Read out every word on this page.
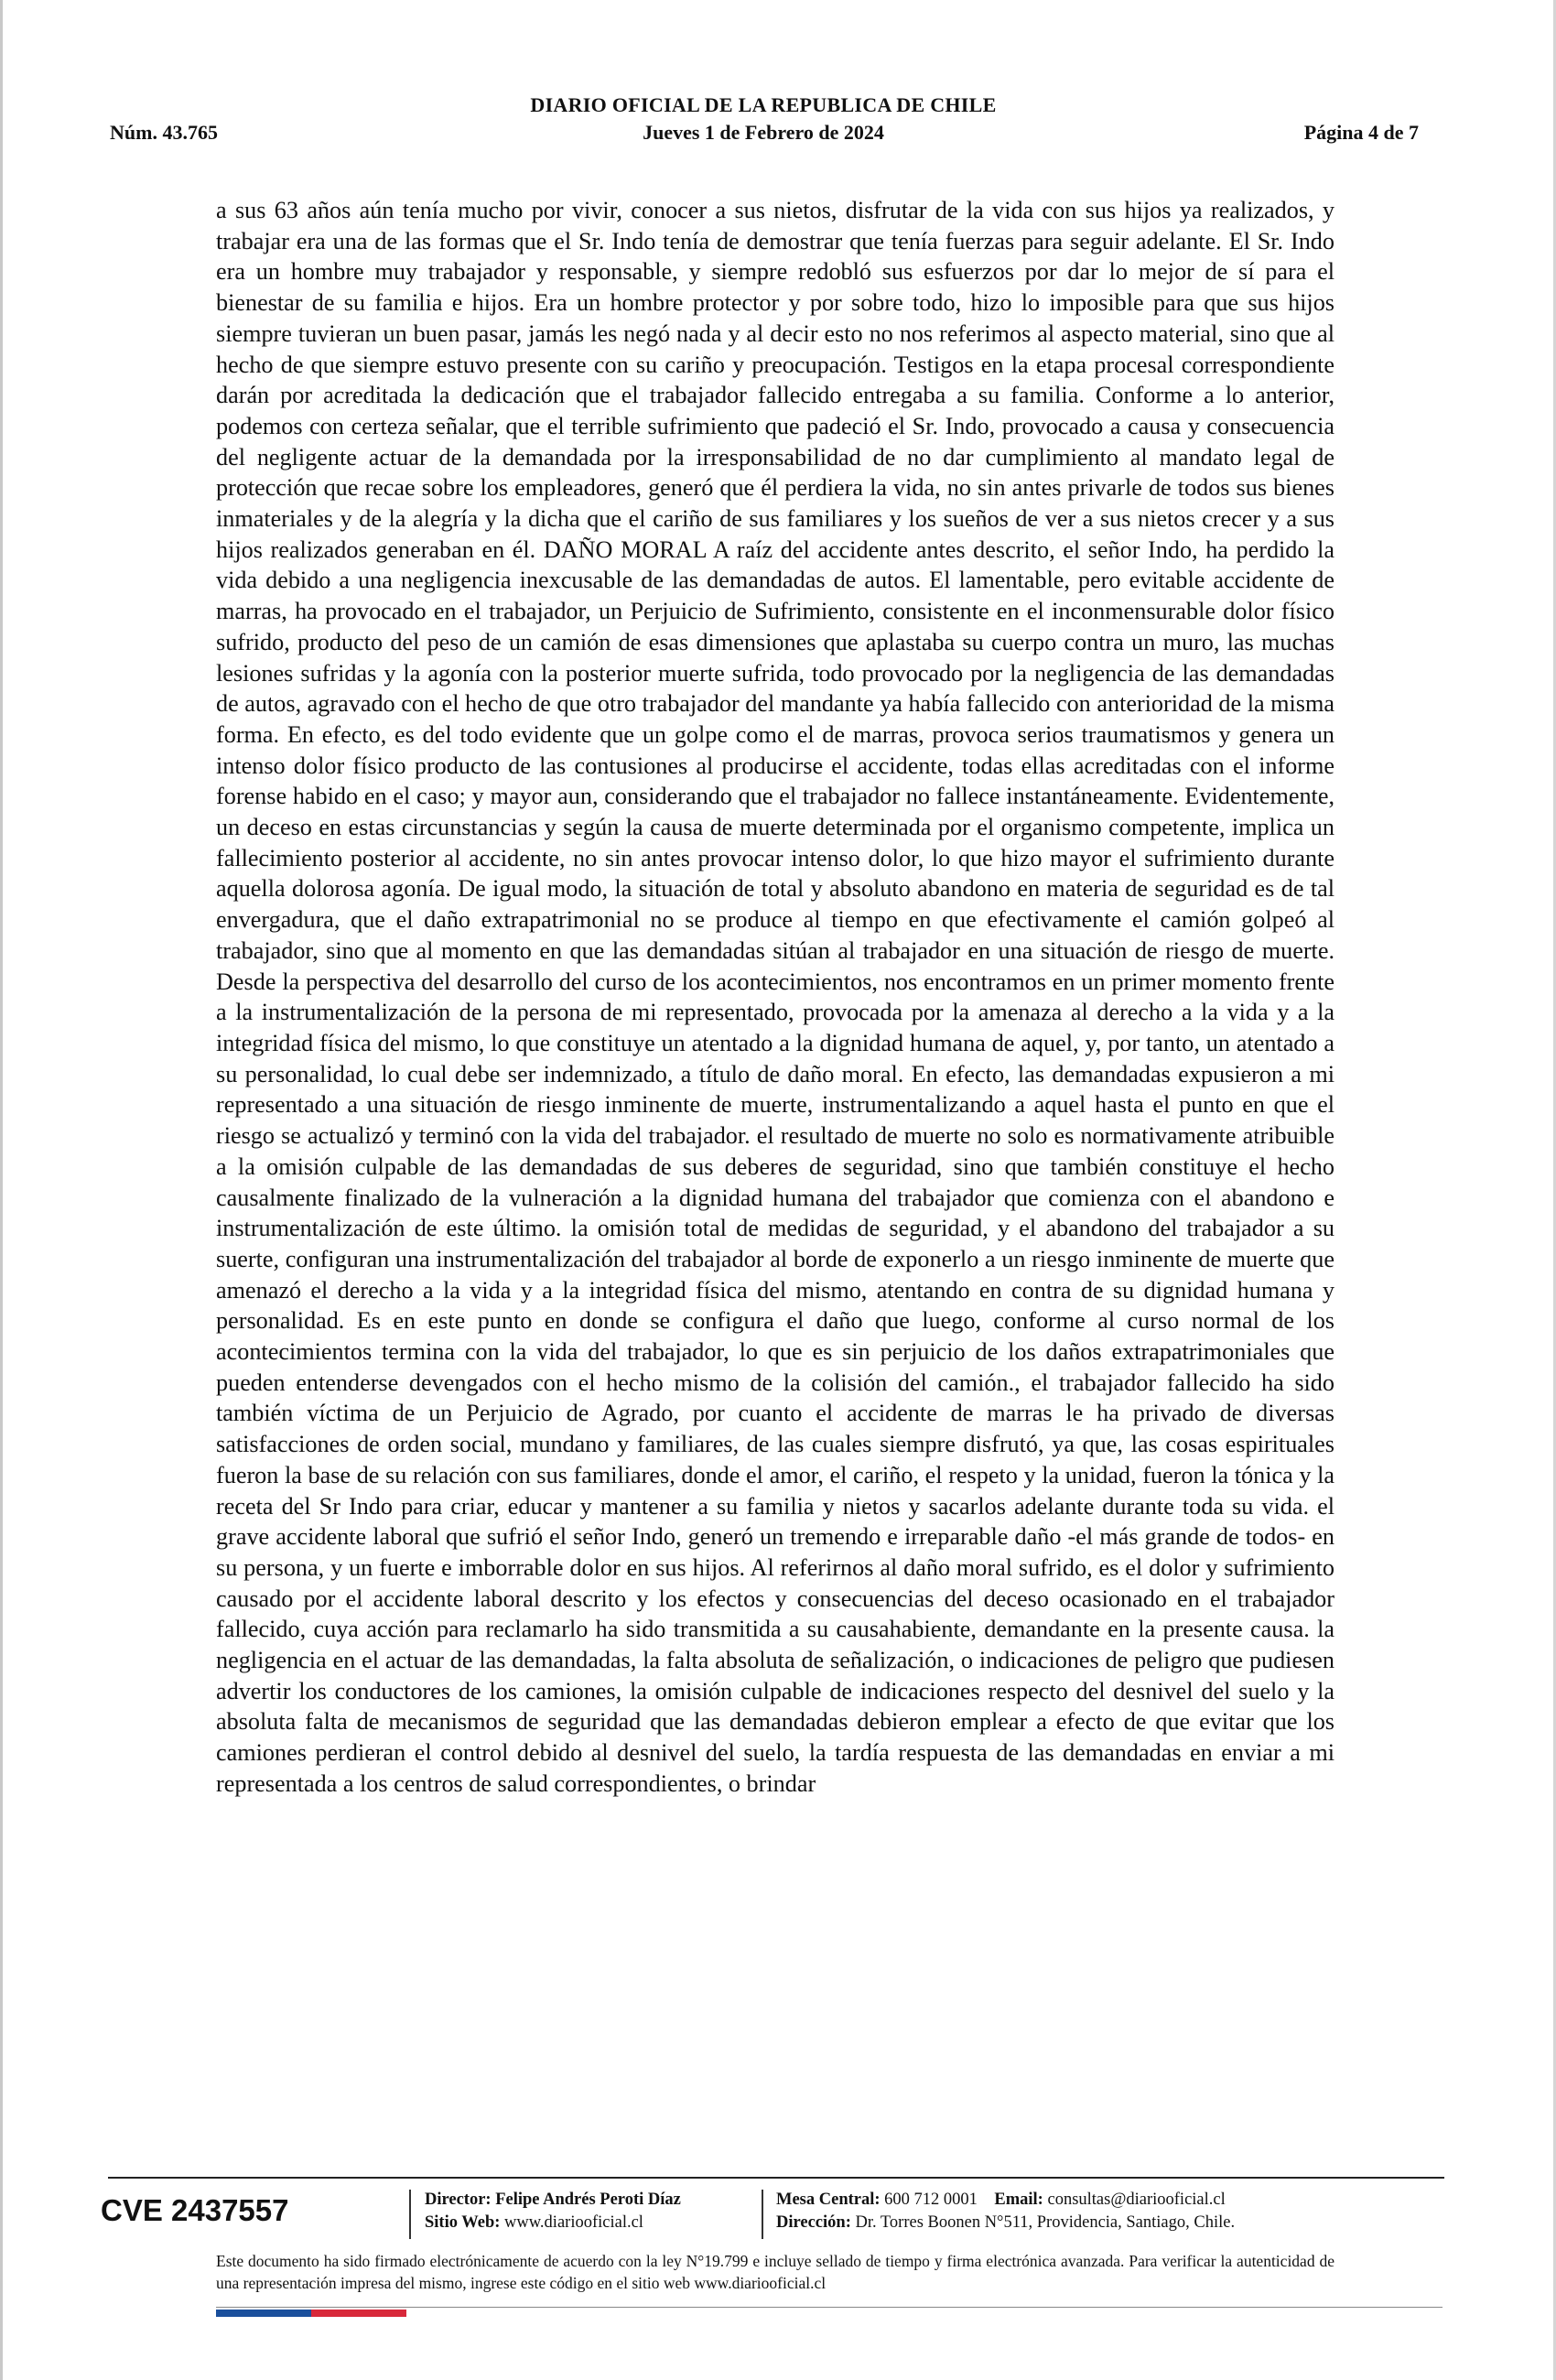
DIARIO OFICIAL DE LA REPUBLICA DE CHILE
Núm. 43.765	Jueves 1 de Febrero de 2024	Página 4 de 7

a sus 63 años aún tenía mucho por vivir, conocer a sus nietos, disfrutar de la vida con sus hijos ya realizados, y trabajar era una de las formas que el Sr. Indo tenía de demostrar que tenía fuerzas para seguir adelante. El Sr. Indo era un hombre muy trabajador y responsable, y siempre redobló sus esfuerzos por dar lo mejor de sí para el bienestar de su familia e hijos. Era un hombre protector y por sobre todo, hizo lo imposible para que sus hijos siempre tuvieran un buen pasar, jamás les negó nada y al decir esto no nos referimos al aspecto material, sino que al hecho de que siempre estuvo presente con su cariño y preocupación. Testigos en la etapa procesal correspondiente darán por acreditada la dedicación que el trabajador fallecido entregaba a su familia. Conforme a lo anterior, podemos con certeza señalar, que el terrible sufrimiento que padeció el Sr. Indo, provocado a causa y consecuencia del negligente actuar de la demandada por la irresponsabilidad de no dar cumplimiento al mandato legal de protección que recae sobre los empleadores, generó que él perdiera la vida, no sin antes privarle de todos sus bienes inmateriales y de la alegría y la dicha que el cariño de sus familiares y los sueños de ver a sus nietos crecer y a sus hijos realizados generaban en él. DAÑO MORAL A raíz del accidente antes descrito, el señor Indo, ha perdido la vida debido a una negligencia inexcusable de las demandadas de autos. El lamentable, pero evitable accidente de marras, ha provocado en el trabajador, un Perjuicio de Sufrimiento, consistente en el inconmensurable dolor físico sufrido, producto del peso de un camión de esas dimensiones que aplastaba su cuerpo contra un muro, las muchas lesiones sufridas y la agonía con la posterior muerte sufrida, todo provocado por la negligencia de las demandadas de autos, agravado con el hecho de que otro trabajador del mandante ya había fallecido con anterioridad de la misma forma. En efecto, es del todo evidente que un golpe como el de marras, provoca serios traumatismos y genera un intenso dolor físico producto de las contusiones al producirse el accidente, todas ellas acreditadas con el informe forense habido en el caso; y mayor aun, considerando que el trabajador no fallece instantáneamente. Evidentemente, un deceso en estas circunstancias y según la causa de muerte determinada por el organismo competente, implica un fallecimiento posterior al accidente, no sin antes provocar intenso dolor, lo que hizo mayor el sufrimiento durante aquella dolorosa agonía. De igual modo, la situación de total y absoluto abandono en materia de seguridad es de tal envergadura, que el daño extrapatrimonial no se produce al tiempo en que efectivamente el camión golpeó al trabajador, sino que al momento en que las demandadas sitúan al trabajador en una situación de riesgo de muerte. Desde la perspectiva del desarrollo del curso de los acontecimientos, nos encontramos en un primer momento frente a la instrumentalización de la persona de mi representado, provocada por la amenaza al derecho a la vida y a la integridad física del mismo, lo que constituye un atentado a la dignidad humana de aquel, y, por tanto, un atentado a su personalidad, lo cual debe ser indemnizado, a título de daño moral. En efecto, las demandadas expusieron a mi representado a una situación de riesgo inminente de muerte, instrumentalizando a aquel hasta el punto en que el riesgo se actualizó y terminó con la vida del trabajador. el resultado de muerte no solo es normativamente atribuible a la omisión culpable de las demandadas de sus deberes de seguridad, sino que también constituye el hecho causalmente finalizado de la vulneración a la dignidad humana del trabajador que comienza con el abandono e instrumentalización de este último. la omisión total de medidas de seguridad, y el abandono del trabajador a su suerte, configuran una instrumentalización del trabajador al borde de exponerlo a un riesgo inminente de muerte que amenazó el derecho a la vida y a la integridad física del mismo, atentando en contra de su dignidad humana y personalidad. Es en este punto en donde se configura el daño que luego, conforme al curso normal de los acontecimientos termina con la vida del trabajador, lo que es sin perjuicio de los daños extrapatrimoniales que pueden entenderse devengados con el hecho mismo de la colisión del camión., el trabajador fallecido ha sido también víctima de un Perjuicio de Agrado, por cuanto el accidente de marras le ha privado de diversas satisfacciones de orden social, mundano y familiares, de las cuales siempre disfrutó, ya que, las cosas espirituales fueron la base de su relación con sus familiares, donde el amor, el cariño, el respeto y la unidad, fueron la tónica y la receta del Sr Indo para criar, educar y mantener a su familia y nietos y sacarlos adelante durante toda su vida. el grave accidente laboral que sufrió el señor Indo, generó un tremendo e irreparable daño -el más grande de todos- en su persona, y un fuerte e imborrable dolor en sus hijos. Al referirnos al daño moral sufrido, es el dolor y sufrimiento causado por el accidente laboral descrito y los efectos y consecuencias del deceso ocasionado en el trabajador fallecido, cuya acción para reclamarlo ha sido transmitida a su causahabiente, demandante en la presente causa. la negligencia en el actuar de las demandadas, la falta absoluta de señalización, o indicaciones de peligro que pudiesen advertir los conductores de los camiones, la omisión culpable de indicaciones respecto del desnivel del suelo y la absoluta falta de mecanismos de seguridad que las demandadas debieron emplear a efecto de que evitar que los camiones perdieran el control debido al desnivel del suelo, la tardía respuesta de las demandadas en enviar a mi representada a los centros de salud correspondientes, o brindar

CVE 2437557	Director: Felipe Andrés Peroti Díaz
Sitio Web: www.diariooficial.cl
Mesa Central: 600 712 0001 Email: consultas@diariooficial.cl
Dirección: Dr. Torres Boonen N°511, Providencia, Santiago, Chile.
Este documento ha sido firmado electrónicamente de acuerdo con la ley N°19.799 e incluye sellado de tiempo y firma electrónica avanzada. Para verificar la autenticidad de una representación impresa del mismo, ingrese este código en el sitio web www.diariooficial.cl
